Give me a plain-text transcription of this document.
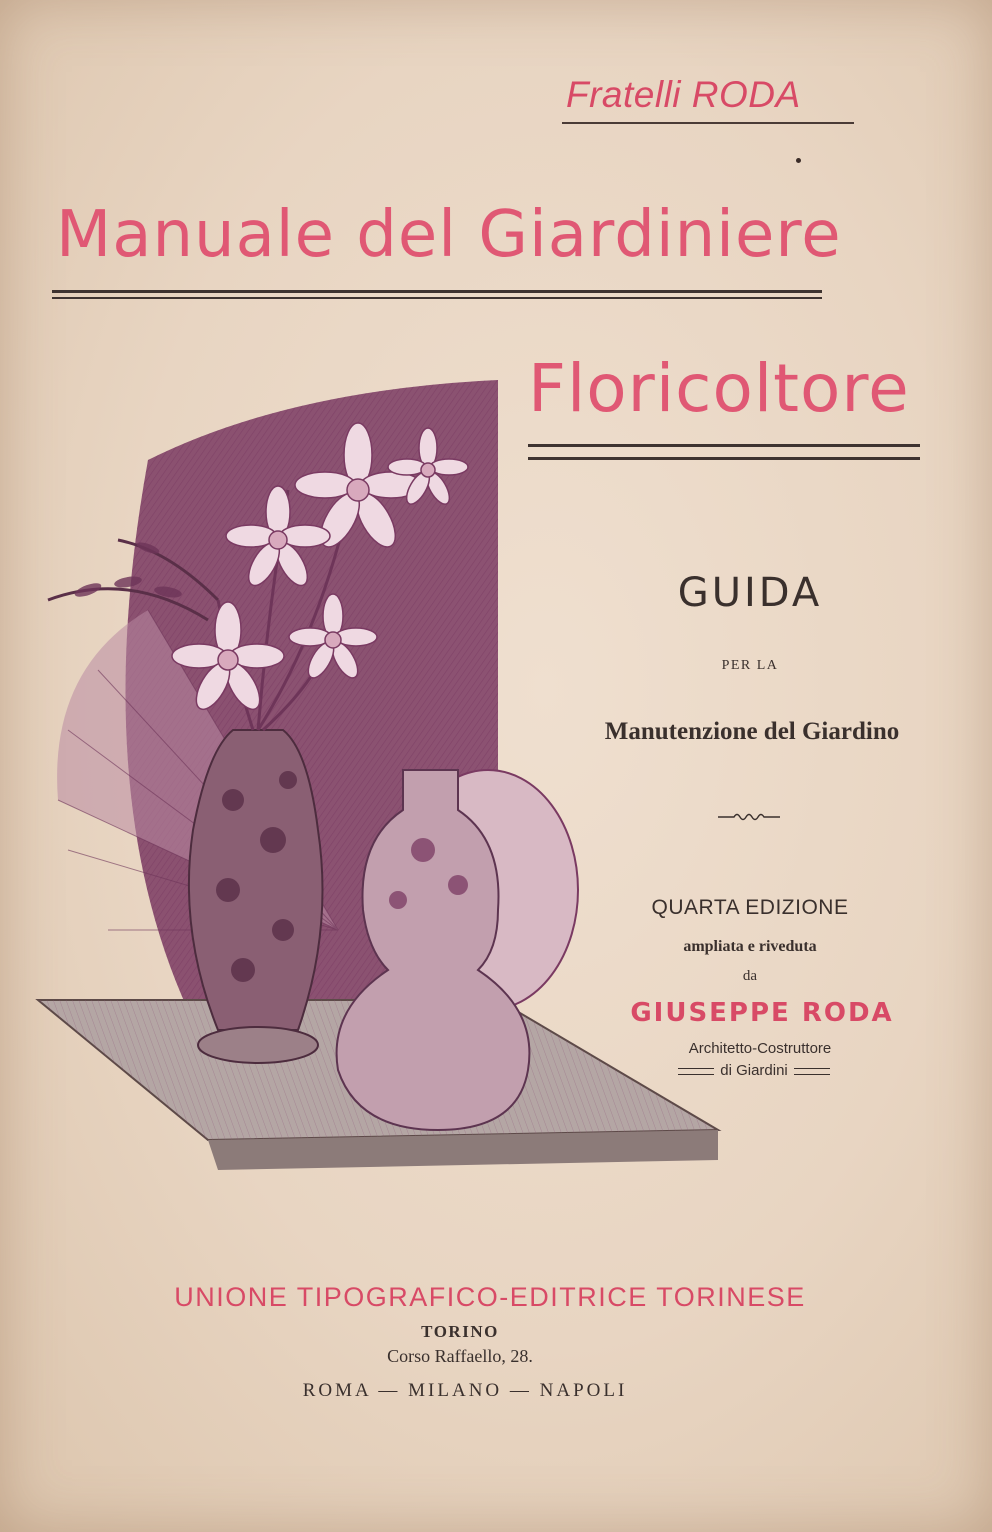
Fratelli RODA
Manuale del Giardiniere
Floricoltore
GUIDA
PER LA
Manutenzione del Giardino
QUARTA EDIZIONE
ampliata e riveduta
da
GIUSEPPE RODA
Architetto-Costruttore
di Giardini
UNIONE TIPOGRAFICO-EDITRICE TORINESE
TORINO
Corso Raffaello, 28.
ROMA — MILANO — NAPOLI
